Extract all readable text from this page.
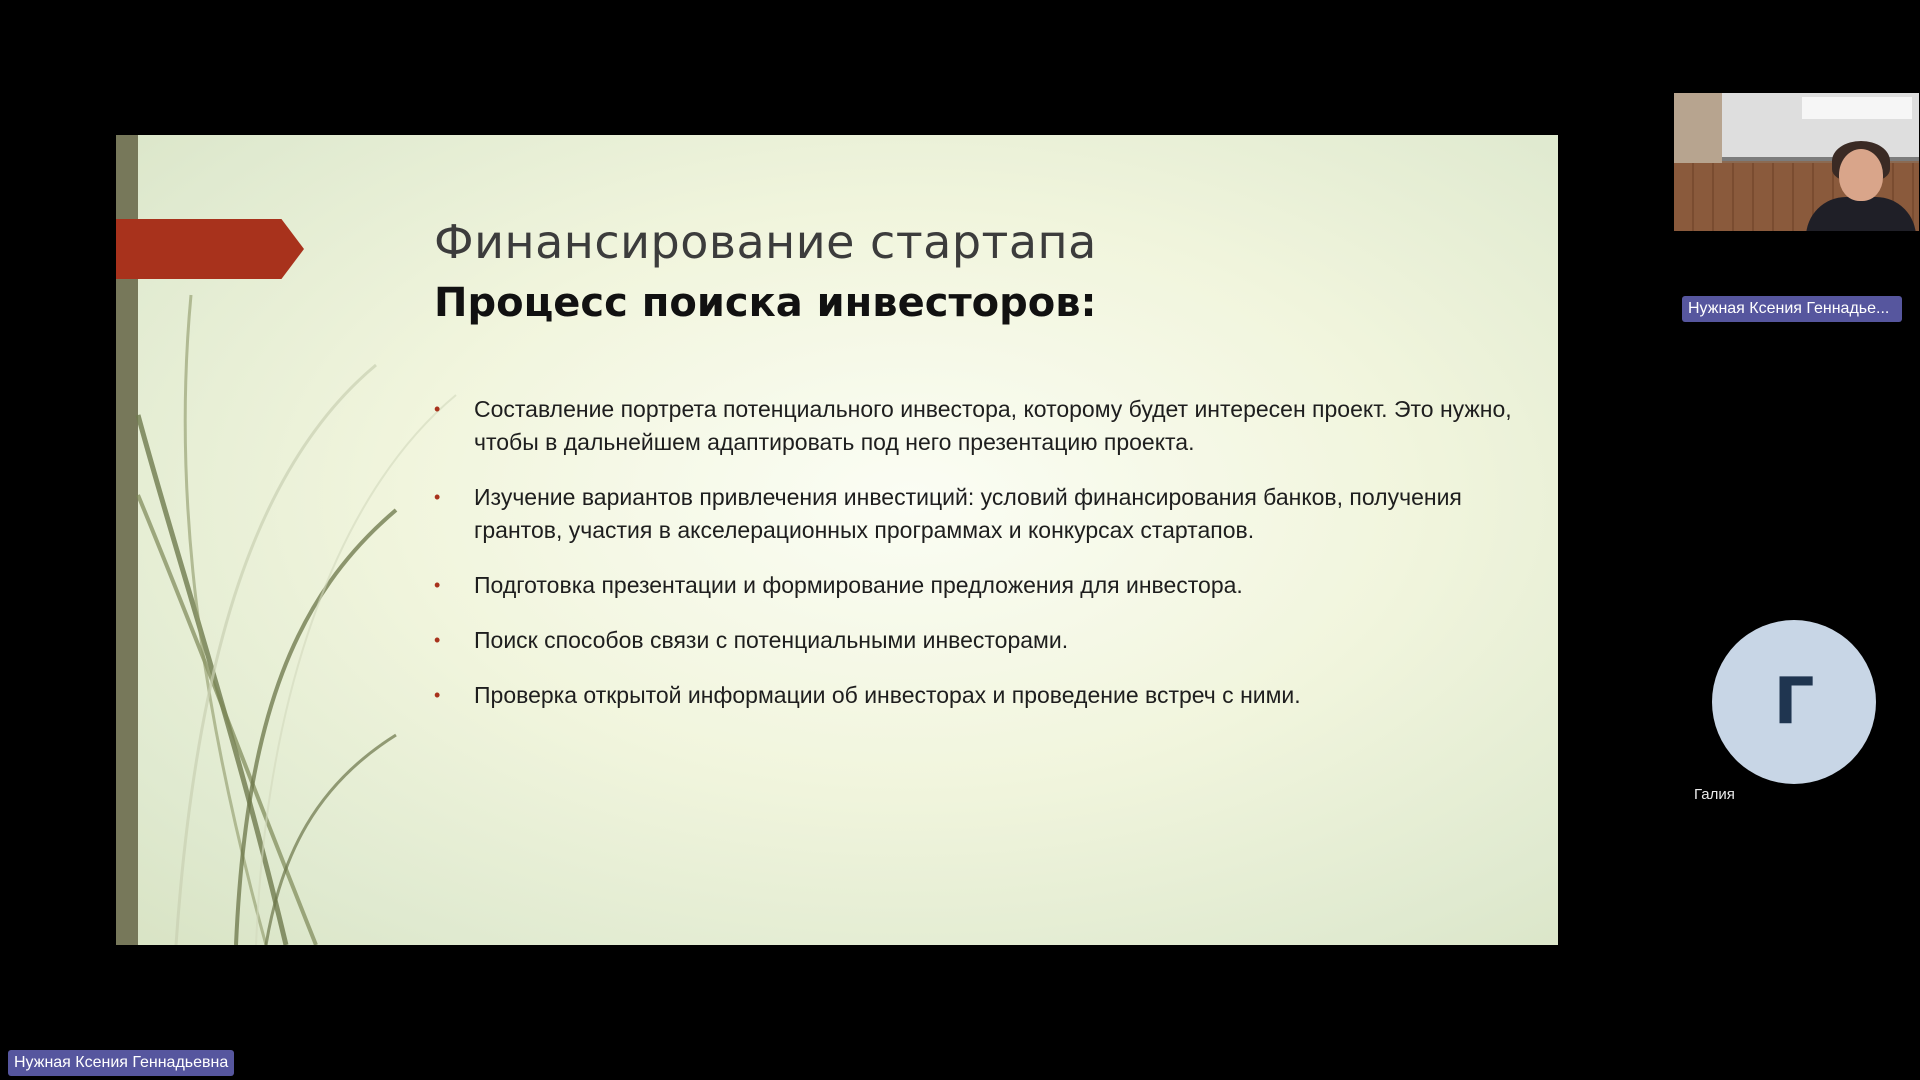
Финансирование стартапа
Процесс поиска инвесторов:
• Составление портрета потенциального инвестора, которому будет интересен проект. Это нужно, чтобы в дальнейшем адаптировать под него презентацию проекта.
• Изучение вариантов привлечения инвестиций: условий финансирования банков, получения грантов, участия в акселерационных программах и конкурсах стартапов.
• Подготовка презентации и формирование предложения для инвестора.
• Поиск способов связи с потенциальными инвесторами.
• Проверка открытой информации об инвесторах и проведение встреч с ними.
Нужная Ксения Геннадье...
Г
Галия
Нужная Ксения Геннадьевна
